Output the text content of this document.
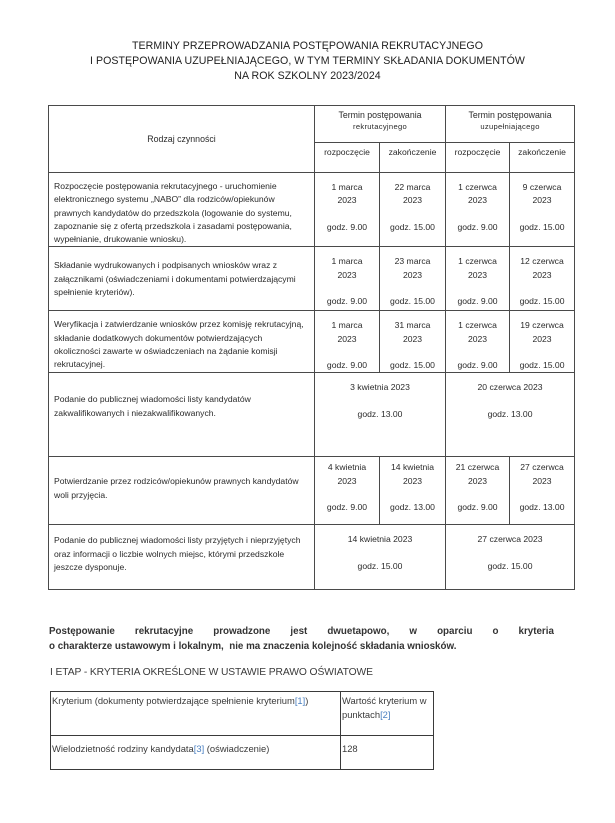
TERMINY PRZEPROWADZANIA POSTĘPOWANIA REKRUTACYJNEGO
I POSTĘPOWANIA UZUPEŁNIAJĄCEGO, W TYM TERMINY SKŁADANIA DOKUMENTÓW
NA ROK SZKOLNY 2023/2024
Rodzaj czynności	
Termin postępowania
rekrutacyjnego

Termin postępowania
uzupełniającego

	rozpoczęcie	zakończenie	rozpoczęcie	zakończenie
Rozpoczęcie postępowania rekrutacyjnego - uruchomienie elektronicznego systemu „NABO” dla rodziców/opiekunów prawnych kandydatów do przedszkola (logowanie do systemu, zapoznanie się z ofertą przedszkola i zasadami postępowania, wypełnianie, drukowanie wniosku).	1 marca
2023
godz. 9.00
	22 marca
2023
godz. 15.00
	1 czerwca
2023
godz. 9.00
	9 czerwca
2023
godz. 15.00

Składanie wydrukowanych i podpisanych wniosków wraz z załącznikami (oświadczeniami i dokumentami potwierdzającymi spełnienie kryteriów).	1 marca
2023
godz. 9.00	23 marca
2023
godz. 15.00	1 czerwca
2023
godz. 9.00	12 czerwca
2023
godz. 15.00

Weryfikacja i zatwierdzanie wniosków przez komisję rekrutacyjną, składanie dodatkowych dokumentów potwierdzających okoliczności zawarte w oświadczeniach na żądanie komisji rekrutacyjnej.	1 marca
2023
godz. 9.00	31 marca
2023
godz. 15.00	1 czerwca
2023
godz. 9.00	19 czerwca
2023
godz. 15.00

Podanie do publicznej wiadomości listy kandydatów zakwalifikowanych i niezakwalifikowanych.	3 kwietnia 2023
godz. 13.00		20 czerwca 2023
godz. 13.00	

Potwierdzanie przez rodziców/opiekunów prawnych kandydatów woli przyjęcia.	4 kwietnia
2023
godz. 9.00	14 kwietnia
2023
godz. 13.00	21 czerwca
2023
godz. 9.00	27 czerwca
2023
godz. 13.00

Podanie do publicznej wiadomości listy przyjętych i nieprzyjętych oraz informacji o liczbie wolnych miejsc, którymi przedszkole jeszcze dysponuje.	14 kwietnia 2023
godz. 15.00		27 czerwca 2023
godz. 15.00	
Postępowanie rekrutacyjne prowadzone jest dwuetapowo, w oparciu o kryteria
o charakterze ustawowym i lokalnym,  nie ma znaczenia kolejność składania wniosków.
I ETAP - KRYTERIA OKREŚLONE W USTAWIE PRAWO OŚWIATOWE
Kryterium (dokumenty potwierdzające spełnienie kryterium[1])	Wartość kryterium w punktach[2]
Wielodzietność rodziny kandydata[3] (oświadczenie)	128
